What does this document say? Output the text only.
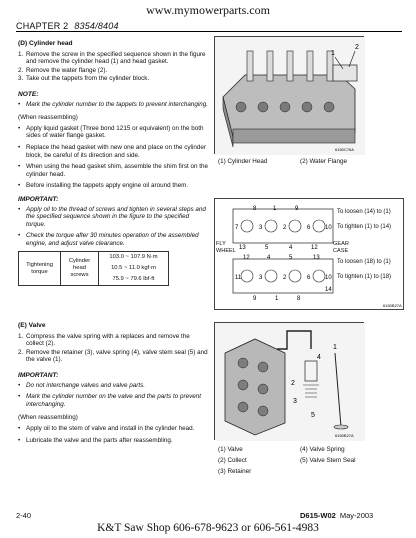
www.mymowerparts.com
CHAPTER 2 8354/8404
(D) Cylinder head
1. Remove the screw in the specified sequence shown in the figure and remove the cylinder head (1) and head gasket.
2. Remove the water flange (2).
3. Take out the tappets from the cylinder block.
NOTE:
• Mark the cylinder number to the tappets to prevent interchanging.
(When reassembling)
• Apply liquid gasket (Three bond 1215 or equivalent) on the both sides of water flange gasket.
• Replace the head gasket with new one and place on the cylinder block, be careful of its direction and side.
• When using the head gasket shim, assemble the shim first on the cylinder head.
• Before installing the tappets apply engine oil around them.
IMPORTANT:
• Apply oil to the thread of screws and tighten in several steps and the specified sequence shown in the figure to the specified torque.
• Check the torque after 30 minutes operation of the assembled engine, and adjust valve clearance.
Tightening torque	Cylinder head screws	103.0 ~ 107.9 N·m
10.5 ~ 11.0 kgf·m
75.9 ~ 79.6 lbf·ft
1
2
6150C76A
(1) Cylinder Head	(2) Water Flange
8	1	9
7	3	2	6 10
13	5	4	12
12	4	5	13
11	3	2	6 10
14
9	1	8
6150B27A
To loosen (14) to (1)
To tighten (1) to (14)
FLY WHEEL
GEAR CASE
To loosen (18) to (1)
To tighten (1) to (18)
(E) Valve
1. Compress the valve spring with a replaces and remove the collect (2).
2. Remove the retainer (3), valve spring (4), valve stem seal (5) and the valve (1).
IMPORTANT:
• Do not interchange valves and valve parts.
• Mark the cylinder number on the valve and the parts to prevent interchanging.
(When reassembling)
• Apply oil to the stem of valve and install in the cylinder head.
• Lubricate the valve and the parts after reassembling.
4
1
2
3
5
6150B27A
(1) Valve	(4) Valve Spring
(2) Collect	(5) Valve Stem Seal
(3) Retainer
2-40	D615-W02 May-2003
K&T Saw Shop 606-678-9623 or 606-561-4983
